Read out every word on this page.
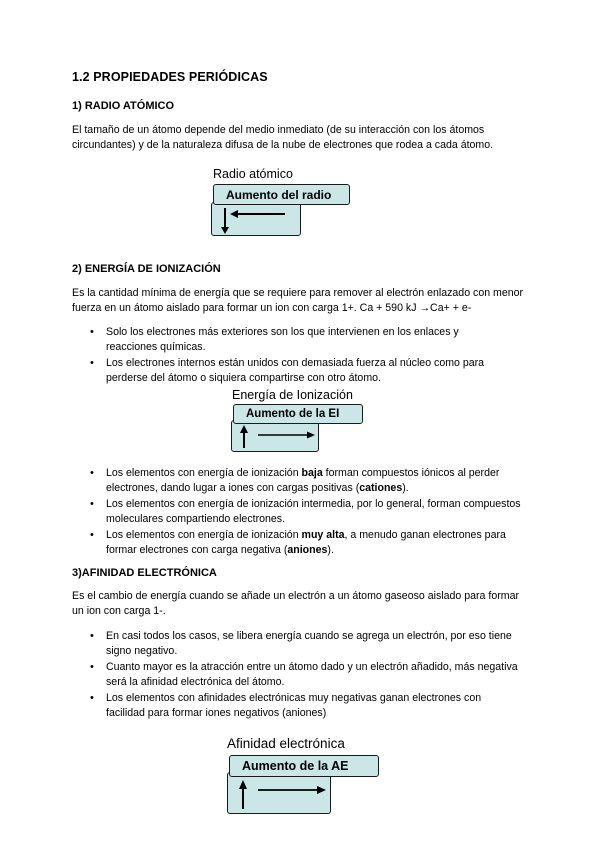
1.2 PROPIEDADES PERIÓDICAS
1) RADIO ATÓMICO

El tamaño de un átomo depende del medio inmediato (de su interacción con los átomos circundantes) y de la naturaleza difusa de la nube de electrones que rodea a cada átomo.

Radio atómico
Aumento del radio
2) ENERGÍA DE IONIZACIÓN

Es la cantidad mínima de energía que se requiere para remover al electrón enlazado con menor fuerza en un átomo aislado para formar un ion con carga 1+. Ca + 590 kJ →Ca+ + e-

• Solo los electrones más exteriores son los que intervienen en los enlaces y reacciones químicas.
• Los electrones internos están unidos con demasiada fuerza al núcleo como para perderse del átomo o siquiera compartirse con otro átomo.
Energía de Ionización
Aumento de la EI
• Los elementos con energía de ionización baja forman compuestos iónicos al perder electrones, dando lugar a iones con cargas positivas (cationes).
• Los elementos con energía de ionización intermedia, por lo general, forman compuestos moleculares compartiendo electrones.
• Los elementos con energía de ionización muy alta, a menudo ganan electrones para formar electrones con carga negativa (aniones).
3)AFINIDAD ELECTRÓNICA

Es el cambio de energía cuando se añade un electrón a un átomo gaseoso aislado para formar un ion con carga 1-.

• En casi todos los casos, se libera energía cuando se agrega un electrón, por eso tiene signo negativo.
• Cuanto mayor es la atracción entre un átomo dado y un electrón añadido, más negativa será la afinidad electrónica del átomo.
• Los elementos con afinidades electrónicas muy negativas ganan electrones con facilidad para formar iones negativos (aniones)
Afinidad electrónica
Aumento de la AE
